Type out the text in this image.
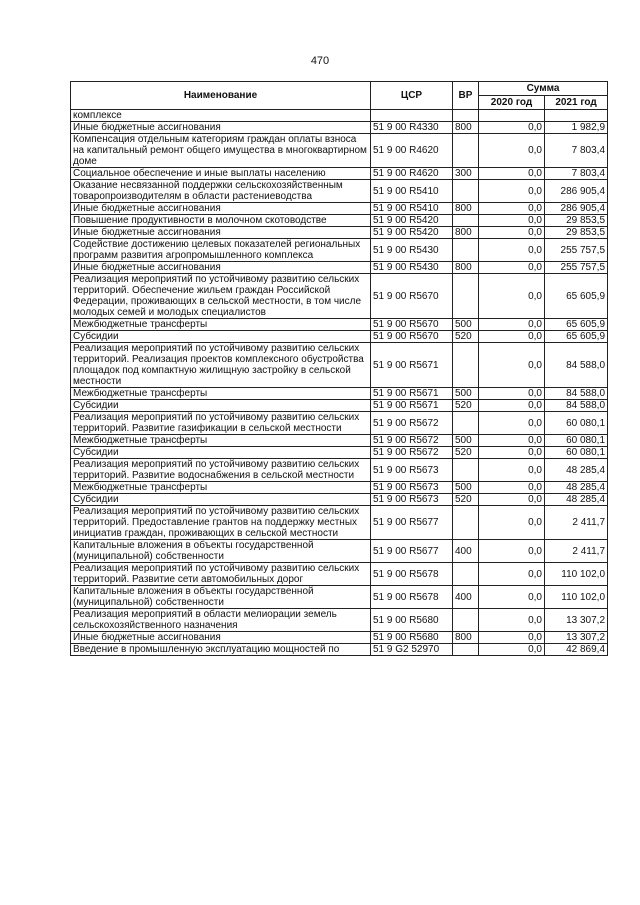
470
Наименование	ЦСР	ВР	Сумма	
			2020 год	2021 год
комплексе				
Иные бюджетные ассигнования	51 9 00 R4330	800	0,0	1 982,9
Компенсация отдельным категориям граждан оплаты взноса на капитальный ремонт общего имущества в многоквартирном доме	51 9 00 R4620		0,0	7 803,4
Социальное обеспечение и иные выплаты населению	51 9 00 R4620	300	0,0	7 803,4
Оказание несвязанной поддержки сельскохозяйственным товаропроизводителям в области растениеводства	51 9 00 R5410		0,0	286 905,4
Иные бюджетные ассигнования	51 9 00 R5410	800	0,0	286 905,4
Повышение продуктивности в молочном скотоводстве	51 9 00 R5420		0,0	29 853,5
Иные бюджетные ассигнования	51 9 00 R5420	800	0,0	29 853,5
Содействие достижению целевых показателей региональных программ развития агропромышленного комплекса	51 9 00 R5430		0,0	255 757,5
Иные бюджетные ассигнования	51 9 00 R5430	800	0,0	255 757,5
Реализация мероприятий по устойчивому развитию сельских территорий. Обеспечение жильем граждан Российской Федерации, проживающих в сельской местности, в том числе молодых семей и молодых специалистов	51 9 00 R5670		0,0	65 605,9
Межбюджетные трансферты	51 9 00 R5670	500	0,0	65 605,9
Субсидии	51 9 00 R5670	520	0,0	65 605,9
Реализация мероприятий по устойчивому развитию сельских территорий. Реализация проектов комплексного обустройства площадок под компактную жилищную застройку в сельской местности	51 9 00 R5671		0,0	84 588,0
Межбюджетные трансферты	51 9 00 R5671	500	0,0	84 588,0
Субсидии	51 9 00 R5671	520	0,0	84 588,0
Реализация мероприятий по устойчивому развитию сельских территорий. Развитие газификации в сельской местности	51 9 00 R5672		0,0	60 080,1
Межбюджетные трансферты	51 9 00 R5672	500	0,0	60 080,1
Субсидии	51 9 00 R5672	520	0,0	60 080,1
Реализация мероприятий по устойчивому развитию сельских территорий. Развитие водоснабжения в сельской местности	51 9 00 R5673		0,0	48 285,4
Межбюджетные трансферты	51 9 00 R5673	500	0,0	48 285,4
Субсидии	51 9 00 R5673	520	0,0	48 285,4
Реализация мероприятий по устойчивому развитию сельских территорий. Предоставление грантов на поддержку местных инициатив граждан, проживающих в сельской местности	51 9 00 R5677		0,0	2 411,7
Капитальные вложения в объекты государственной (муниципальной) собственности	51 9 00 R5677	400	0,0	2 411,7
Реализация мероприятий по устойчивому развитию сельских территорий. Развитие сети автомобильных дорог	51 9 00 R5678		0,0	110 102,0
Капитальные вложения в объекты государственной (муниципальной) собственности	51 9 00 R5678	400	0,0	110 102,0
Реализация мероприятий в области мелиорации земель сельскохозяйственного назначения	51 9 00 R5680		0,0	13 307,2
Иные бюджетные ассигнования	51 9 00 R5680	800	0,0	13 307,2
Введение в промышленную эксплуатацию мощностей по	51 9 G2 52970		0,0	42 869,4
